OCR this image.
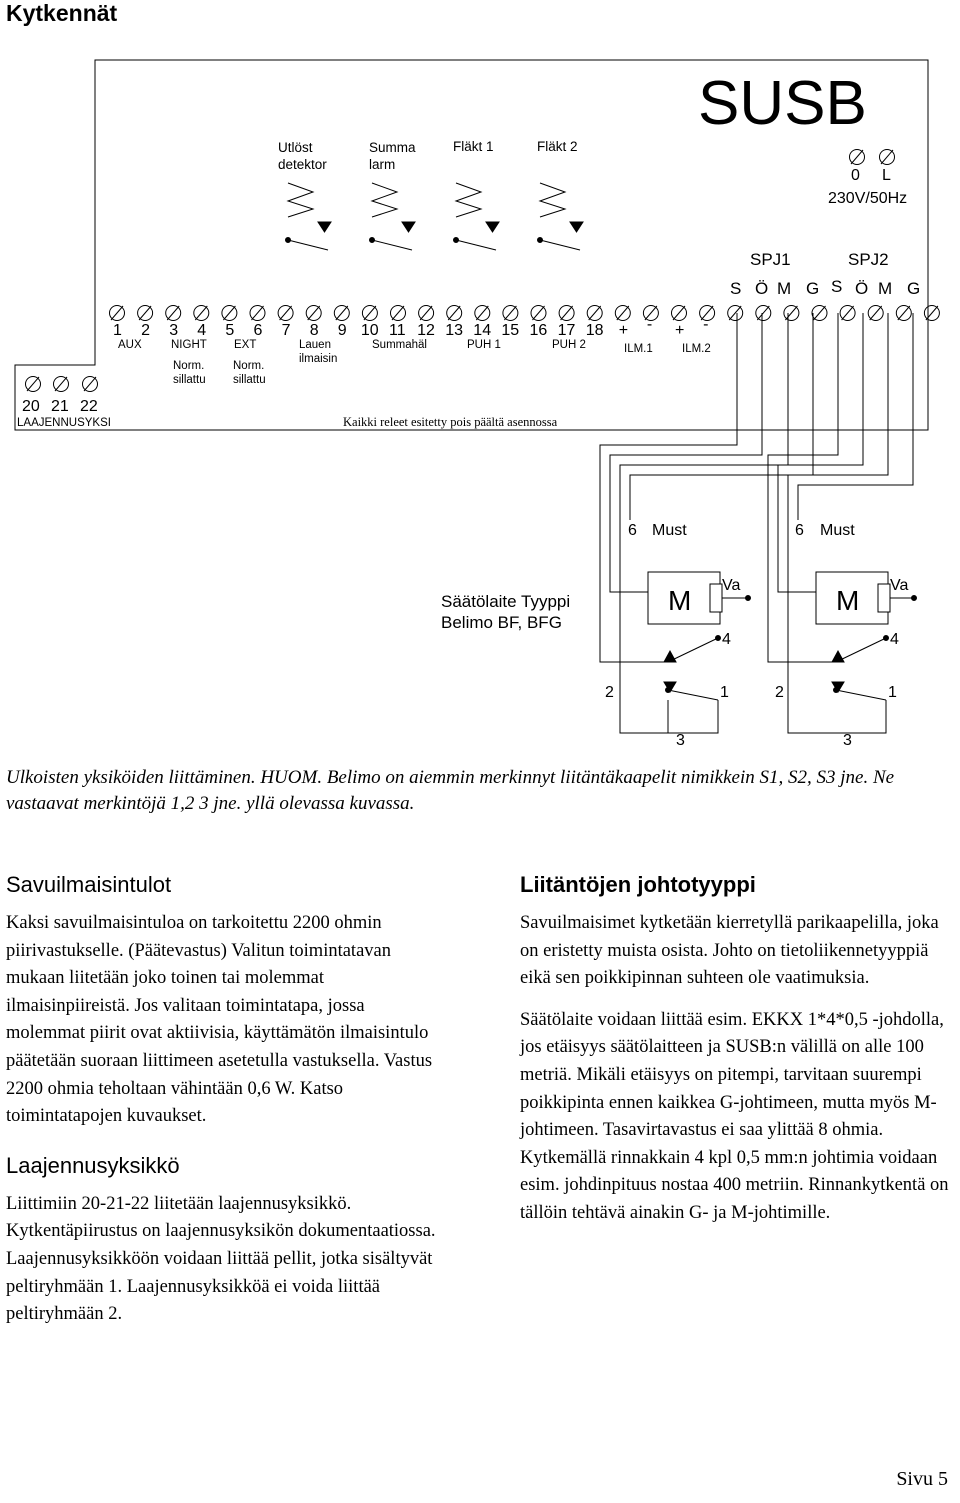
Kytkennät
SUSB
0 L
230V/50Hz
Utlöst
detektor
Summa
larm
Fläkt 1	Fläkt 2
SPJ1	SPJ2
S Ö M G S Ö M G
1 2 3 4 5 6 7 8 9 10 11 12 13 14 15 16 17 18 + - + -
AUX	NIGHT EXT
Norm.
sillattu
Norm.
sillattu
Lauen
ilmaisin
Summahäl	PUH 1	PUH 2	ILM.1	ILM.2
20 21 22
LAAJENNUSYKSI	Kaikki releet esitetty pois päältä asennossa
6 Must	6 Must
Säätölaite Tyyppi
Belimo BF, BFG
M Va
4
2	1
3
M Va
4
2	1
3
Ulkoisten yksiköiden liittäminen. HUOM. Belimo on aiemmin merkinnyt liitäntäkaapelit nimikkein S1, S2, S3 jne. Ne vastaavat merkintöjä 1,2 3 jne. yllä olevassa kuvassa.
Savuilmaisintulot
Kaksi savuilmaisintuloa on tarkoitettu 2200 ohmin piirivastukselle. (Päätevastus) Valitun toimintatavan mukaan liitetään joko toinen tai molemmat ilmaisinpiireistä. Jos valitaan toimintatapa, jossa molemmat piirit ovat aktiivisia, käyttämätön ilmaisintulo päätetään suoraan liittimeen asetetulla vastuksella. Vastus 2200 ohmia teholtaan vähintään 0,6 W. Katso toimintatapojen kuvaukset.
Laajennusyksikkö
Liittimiin 20-21-22 liitetään laajennusyksikkö. Kytkentäpiirustus on laajennusyksikön dokumentaatiossa. Laajennusyksikköön voidaan liittää pellit, jotka sisältyvät peltiryhmään 1. Laajennusyksikköä ei voida liittää peltiryhmään 2.
Liitäntöjen johtotyyppi
Savuilmaisimet kytketään kierretyllä parikaapelilla, joka on eristetty muista osista. Johto on tietoliikennetyyppiä eikä sen poikkipinnan suhteen ole vaatimuksia.
Säätölaite voidaan liittää esim. EKKX 1*4*0,5 -johdolla, jos etäisyys säätölaitteen ja SUSB:n välillä on alle 100 metriä. Mikäli etäisyys on pitempi, tarvitaan suurempi poikkipinta ennen kaikkea G-johtimeen, mutta myös M-johtimeen. Tasavirtavastus ei saa ylittää 8 ohmia. Kytkemällä rinnakkain 4 kpl 0,5 mm:n johtimia voidaan esim. johdinpituus nostaa 400 metriin. Rinnankytkentä on tällöin tehtävä ainakin G- ja M-johtimille.
Sivu 5
